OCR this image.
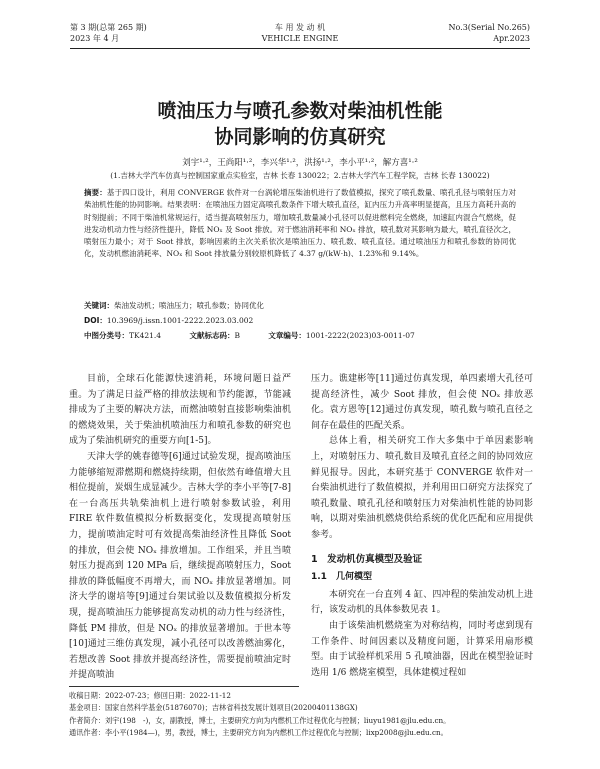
第 3 期(总第 265 期)
2023 年 4 月
车 用 发 动 机
VEHICLE ENGINE
No.3(Serial No.265)
Apr.2023
喷油压力与喷孔参数对柴油机性能
协同影响的仿真研究
刘宇¹·²，王尚阳¹·²，李兴华¹·²，洪扬¹·²，李小平¹·²，解方喜¹·²
(1.吉林大学汽车仿真与控制国家重点实验室，吉林 长春 130022；2.吉林大学汽车工程学院，吉林 长春 130022)
摘要：基于四口设计，利用 CONVERGE 软件对一台涡轮增压柴油机进行了数值模拟，探究了喷孔数量、喷孔孔径与喷射压力对柴油机性能的协同影响。结果表明：在喷油压力固定高喷孔数条件下增大喷孔直径，缸内压力升高率明显提高，且压力高耗升高的时刻提前；不同于柴油机常规运行，适当提高喷射压力，增加喷孔数量减小孔径可以促进燃料完全燃烧，加速缸内混合气燃烧，促进发动机动力性与经济性提升，降低 NOₓ 及 Soot 排放。对于燃油消耗率和 NOₓ 排放，喷孔数对其影响为最大，喷孔直径次之，喷射压力最小；对于 Soot 排放，影响因素的主次关系依次是喷油压力、喷孔数、喷孔直径。通过喷油压力和喷孔参数的协同优化，发动机燃油消耗率、NOₓ 和 Soot 排放量分别较原机降低了 4.37 g/(kW·h)、1.23%和 9.14%。
关键词：柴油发动机；喷油压力；喷孔参数；协同优化
DOI：10.3969/j.issn.1001-2222.2023.03.002
中图分类号：TK421.4	文献标志码：B	文章编号：1001-2222(2023)03-0011-07

目前，全球石化能源快速消耗，环境问题日益严重。为了满足日益严格的排放法规和节约能源，节能减排成为了主要的解决方法，而燃油喷射直接影响柴油机的燃烧效果，关于柴油机喷油压力和喷孔参数的研究也成为了柴油机研究的重要方向[1-5]。

天津大学的姚春德等[6]通过试验发现，提高喷油压力能够缩短滞燃期和燃烧持续期，但依然有峰值增大且相位提前，炭烟生成显减少。吉林大学的李小平等[7-8]在一台高压共轨柴油机上进行喷射参数试验，利用 FIRE 软件数值模拟分析数据变化，发现提高喷射压力，提前喷油定时可有效提高柴油经济性且降低 Soot 的排放，但会使 NOₓ 排放增加。工作组采，并且当喷射压力提高到 120 MPa 后，继续提高喷射压力，Soot 排放的降低幅度不再增大，而 NOₓ 排放显著增加。同济大学的谢培等[9]通过台架试验以及数值模拟分析发现，提高喷油压力能够提高发动机的动力性与经济性，降低 PM 排放，但是 NOₓ 的排放显著增加。于世本等[10]通过三维仿真发现，减小孔径可以改善燃油雾化，若想改善 Soot 排放并提高经济性，需要提前喷油定时并提高喷油

压力。谯建彬等[11]通过仿真发现，单四素增大孔径可提高经济性，减少 Soot 排放，但会使 NOₓ 排放恶化。袁方恩等[12]通过仿真发现，喷孔数与喷孔直径之间存在最佳的匹配关系。

总体上看，相关研究工作大多集中于单因素影响上，对喷射压力、喷孔数目及喷孔直径之间的协同效应鲜见报导。因此，本研究基于 CONVERGE 软件对一台柴油机进行了数值模拟，并利用田口研究方法探究了喷孔数量、喷孔孔径和喷射压力对柴油机性能的协同影响，以期对柴油机燃烧供给系统的优化匹配和应用提供参考。

1　发动机仿真模型及验证
1.1　几何模型

本研究在一台直列 4 缸、四冲程的柴油发动机上进行，该发动机的具体参数见表 1。

由于该柴油机燃烧室为对称结构，同时考虑到现有工作条件、时间因素以及精度问题，计算采用扇形模型。由于试验样机采用 5 孔喷油器，因此在模型验证时选用 1/6 燃烧室模型，具体建模过程如

收稿日期：2022-07-23；修回日期：2022-11-12
基金项目：国家自然科学基金(51876070)；吉林省科技发展计划项目(20200401138GX)
作者简介：刘宇(198　-)，女，副教授，博士，主要研究方向为内燃机工作过程优化与控制；liuyu1981@jlu.edu.cn。
通讯作者：李小平(1984—)，男，教授，博士，主要研究方向为内燃机工作过程优化与控制；lixp2008@jlu.edu.cn。
